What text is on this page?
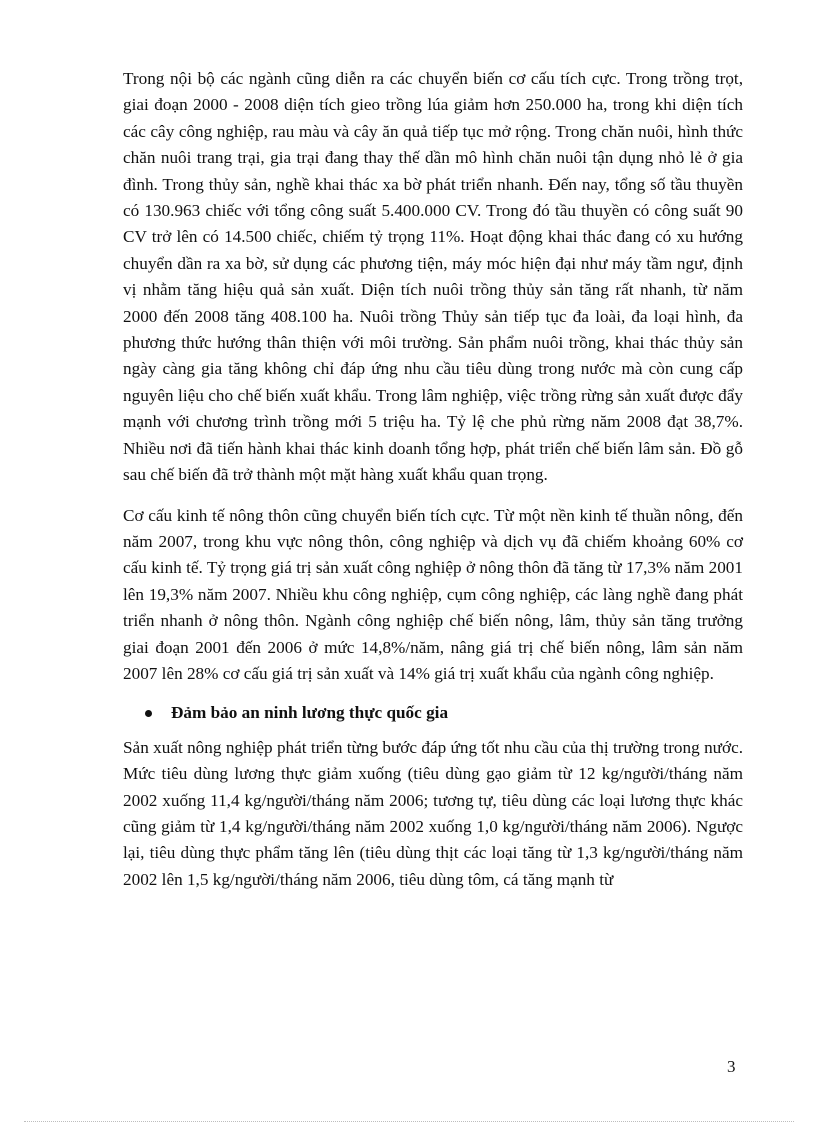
Trong nội bộ các ngành cũng diễn ra các chuyển biến cơ cấu tích cực. Trong trồng trọt, giai đoạn 2000 - 2008 diện tích gieo trồng lúa giảm hơn 250.000 ha, trong khi diện tích các cây công nghiệp, rau màu và cây ăn quả tiếp tục mở rộng. Trong chăn nuôi, hình thức chăn nuôi trang trại, gia trại đang thay thế dần mô hình chăn nuôi tận dụng nhỏ lẻ ở gia đình. Trong thủy sản, nghề khai thác xa bờ phát triển nhanh. Đến nay, tổng số tầu thuyền có 130.963 chiếc với tổng công suất 5.400.000 CV. Trong đó tầu thuyền có công suất 90 CV trở lên có 14.500 chiếc, chiếm tỷ trọng 11%. Hoạt động khai thác đang có xu hướng chuyển dần ra xa bờ, sử dụng các phương tiện, máy móc hiện đại như máy tầm ngư, định vị nhằm tăng hiệu quả sản xuất. Diện tích nuôi trồng thủy sản tăng rất nhanh, từ năm 2000 đến 2008 tăng 408.100 ha. Nuôi trồng Thủy sản tiếp tục đa loài, đa loại hình, đa phương thức hướng thân thiện với môi trường. Sản phẩm nuôi trồng, khai thác thủy sản ngày càng gia tăng không chỉ đáp ứng nhu cầu tiêu dùng trong nước mà còn cung cấp nguyên liệu cho chế biến xuất khẩu. Trong lâm nghiệp, việc trồng rừng sản xuất được đẩy mạnh với chương trình trồng mới 5 triệu ha. Tỷ lệ che phủ rừng năm 2008 đạt 38,7%. Nhiều nơi đã tiến hành khai thác kinh doanh tổng hợp, phát triển chế biến lâm sản. Đồ gỗ sau chế biến đã trở thành một mặt hàng xuất khẩu quan trọng.

Cơ cấu kinh tế nông thôn cũng chuyển biến tích cực. Từ một nền kinh tế thuần nông, đến năm 2007, trong khu vực nông thôn, công nghiệp và dịch vụ đã chiếm khoảng 60% cơ cấu kinh tế. Tỷ trọng giá trị sản xuất công nghiệp ở nông thôn đã tăng từ 17,3% năm 2001 lên 19,3% năm 2007. Nhiều khu công nghiệp, cụm công nghiệp, các làng nghề đang phát triển nhanh ở nông thôn. Ngành công nghiệp chế biến nông, lâm, thủy sản tăng trưởng giai đoạn 2001 đến 2006 ở mức 14,8%/năm, nâng giá trị chế biến nông, lâm sản năm 2007 lên 28% cơ cấu giá trị sản xuất và 14% giá trị xuất khẩu của ngành công nghiệp.

Đảm bảo an ninh lương thực quốc gia

Sản xuất nông nghiệp phát triển từng bước đáp ứng tốt nhu cầu của thị trường trong nước. Mức tiêu dùng lương thực giảm xuống (tiêu dùng gạo giảm từ 12 kg/người/tháng năm 2002 xuống 11,4 kg/người/tháng năm 2006; tương tự, tiêu dùng các loại lương thực khác cũng giảm từ 1,4 kg/người/tháng năm 2002 xuống 1,0 kg/người/tháng năm 2006). Ngược lại, tiêu dùng thực phẩm tăng lên (tiêu dùng thịt các loại tăng từ 1,3 kg/người/tháng năm 2002 lên 1,5 kg/người/tháng năm 2006, tiêu dùng tôm, cá tăng mạnh từ

3
